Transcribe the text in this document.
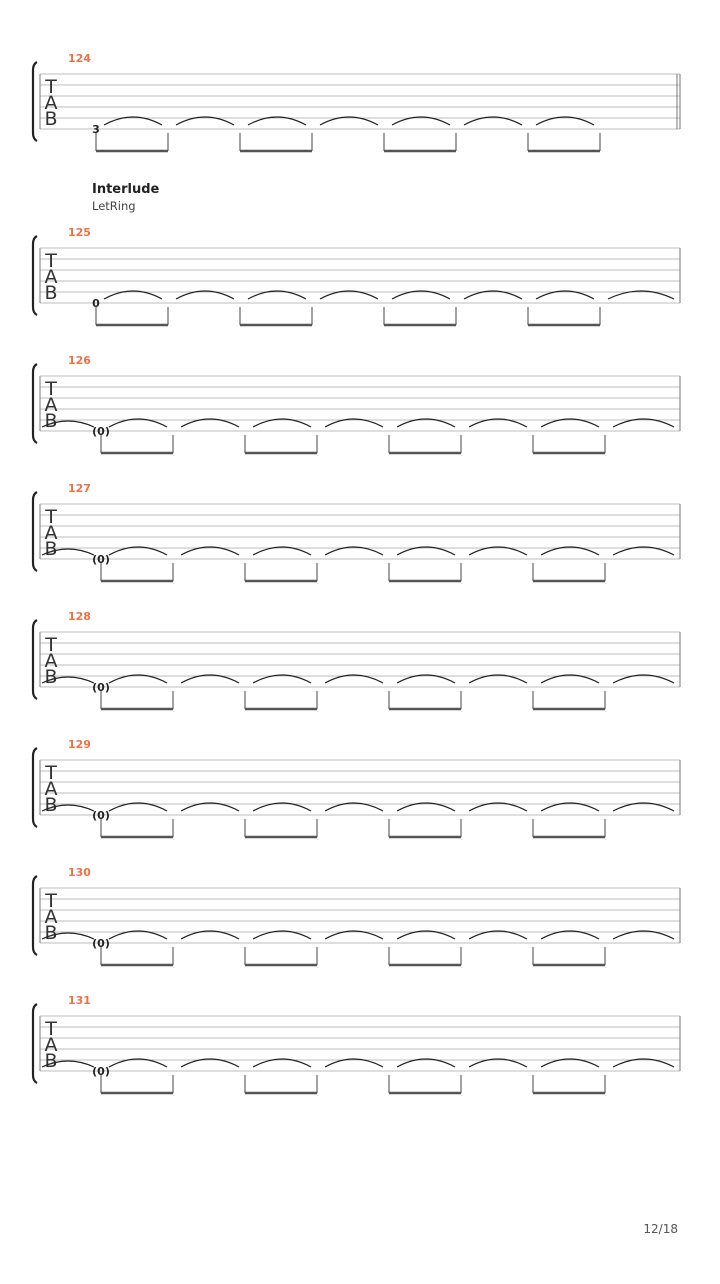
124
T
A
B	3
125
T
A
B	0
126
T
A
B	(0)
127
T
A
B	(0)
128
T
A
B	(0)
129
T
A
B	(0)
130
T
A
B	(0)
131
T
A
B	(0)
Interlude
LetRing
12/18
